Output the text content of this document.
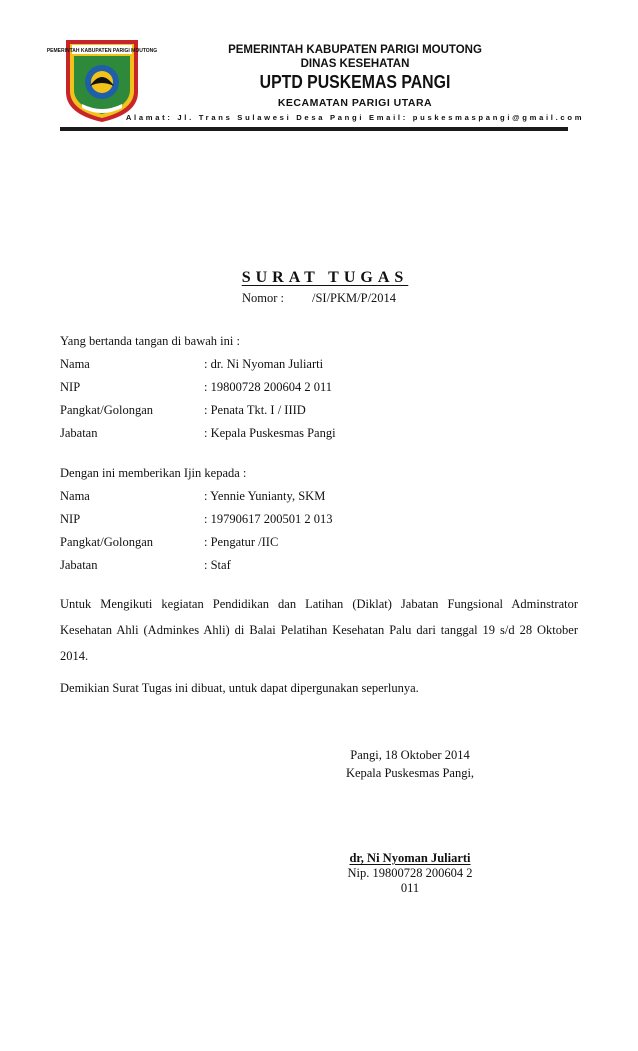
PEMERINTAH KABUPATEN PARIGI MOUTONG	PEMERINTAH KABUPATEN PARIGI MOUTONG
DINAS KESEHATAN
UPTD PUSKEMAS PANGI
KECAMATAN PARIGI UTARA
Alamat: Jl. Trans Sulawesi Desa Pangi Email: puskesmaspangi@gmail.com
SURAT TUGAS
Nomor : /SI/PKM/P/2014
Yang bertanda tangan di bawah ini :
Nama	: dr. Ni Nyoman Juliarti
NIP	: 19800728 200604 2 011
Pangkat/Golongan	: Penata Tkt. I / IIID
Jabatan	: Kepala Puskesmas Pangi
Dengan ini memberikan Ijin kepada :
Nama	: Yennie Yunianty, SKM
NIP	: 19790617 200501 2 013
Pangkat/Golongan	: Pengatur /IIC
Jabatan	: Staf
Untuk Mengikuti kegiatan Pendidikan dan Latihan (Diklat) Jabatan Fungsional Adminstrator Kesehatan Ahli (Adminkes Ahli) di Balai Pelatihan Kesehatan Palu dari tanggal 19 s/d 28 Oktober 2014.
Demikian Surat Tugas ini dibuat, untuk dapat dipergunakan seperlunya.
Pangi, 18 Oktober 2014
Kepala Puskesmas Pangi,
dr, Ni Nyoman Juliarti
Nip. 19800728 200604 2 011
